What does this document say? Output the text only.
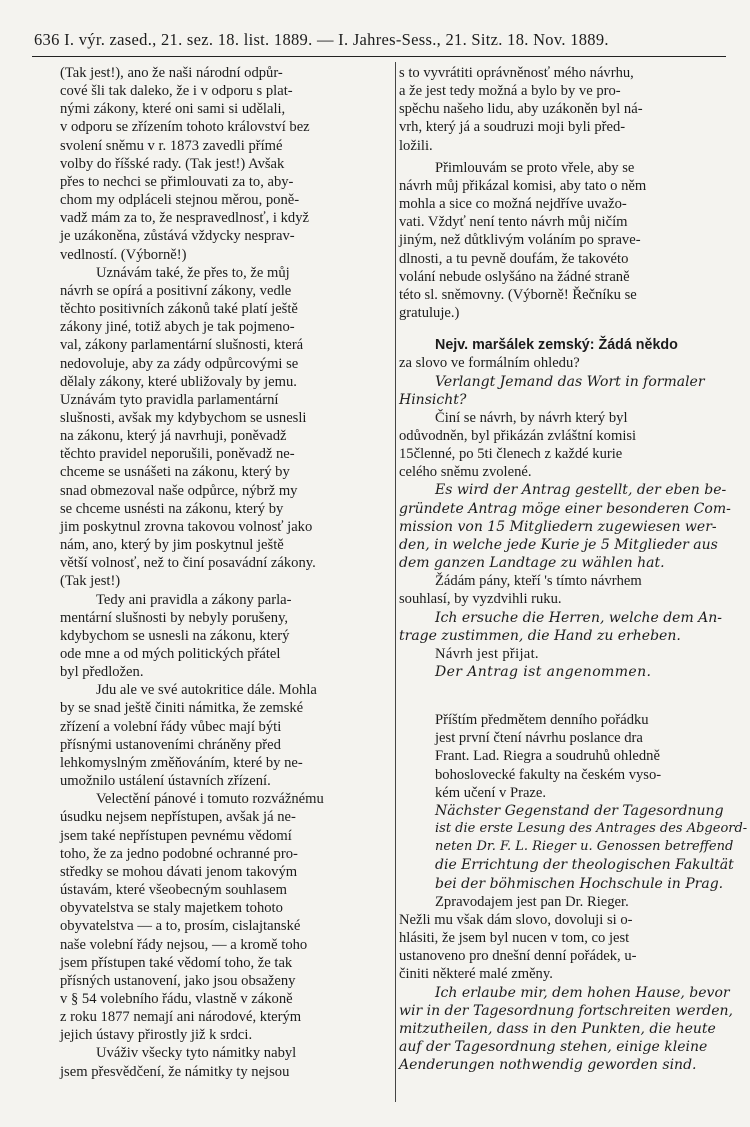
636 I. výr. zased., 21. sez. 18. list. 1889. — I. Jahres-Sess., 21. Sitz. 18. Nov. 1889.
(Tak jest!), ano že naši národní odpůr-
cové šli tak daleko, že i v odporu s plat-
nými zákony, které oni sami si udělali,
v odporu se zřízením tohoto království bez
svolení sněmu v r. 1873 zavedli přímé
volby do říšské rady. (Tak jest!) Avšak
přes to nechci se přimlouvati za to, aby-
chom my odpláceli stejnou měrou, poně-
vadž mám za to, že nespravedlnosť, i když
je uzákoněna, zůstává vždycky nesprav-
vedlností. (Výborně!)
Uznávám také, že přes to, že můj
návrh se opírá a positivní zákony, vedle
těchto positivních zákonů také platí ještě
zákony jiné, totiž abych je tak pojmeno-
val, zákony parlamentární slušnosti, která
nedovoluje, aby za zády odpůrcovými se
dělaly zákony, které ubližovaly by jemu.
Uznávám tyto pravidla parlamentární
slušnosti, avšak my kdybychom se usnesli
na zákonu, který já navrhuji, poněvadž
těchto pravidel neporušili, poněvadž ne-
chceme se usnášeti na zákonu, který by
snad obmezoval naše odpůrce, nýbrž my
se chceme usnésti na zákonu, který by
jim poskytnul zrovna takovou volnosť jako
nám, ano, který by jim poskytnul ještě
větší volnosť, než to činí posavádní zákony.
(Tak jest!)
Tedy ani pravidla a zákony parla-
mentární slušnosti by nebyly porušeny,
kdybychom se usnesli na zákonu, který
ode mne a od mých politických přátel
byl předložen.
Jdu ale ve své autokritice dále. Mohla
by se snad ještě činiti námitka, že zemské
zřízení a volební řády vůbec mají býti
přísnými ustanoveními chráněny před
lehkomyslným změňováním, které by ne-
umožnilo ustálení ústavních zřízení.
Velectění pánové i tomuto rozvážnému
úsudku nejsem nepřístupen, avšak já ne-
jsem také nepřístupen pevnému vědomí
toho, že za jedno podobné ochranné pro-
středky se mohou dávati jenom takovým
ústavám, které všeobecným souhlasem
obyvatelstva se staly majetkem tohoto
obyvatelstva — a to, prosím, cislajtanské
naše volební řády nejsou, — a kromě toho
jsem přístupen také vědomí toho, že tak
přísných ustanovení, jako jsou obsaženy
v § 54 volebního řádu, vlastně v zákoně
z roku 1877 nemají ani národové, kterým
jejich ústavy přirostly již k srdci.
Uváživ všecky tyto námitky nabyl
jsem přesvědčení, že námitky ty nejsou
s to vyvrátiti oprávněnosť mého návrhu,
a že jest tedy možná a bylo by ve pro-
spěchu našeho lidu, aby uzákoněn byl ná-
vrh, který já a soudruzi moji byli před-
ložili.
Přimlouvám se proto vřele, aby se
návrh můj přikázal komisi, aby tato o něm
mohla a sice co možná nejdříve uvažo-
vati. Vždyť není tento návrh můj ničím
jiným, než důtklivým voláním po spravе-
dlnosti, a tu pevně doufám, že takovéto
volání nebude oslyšáno na žádné straně
této sl. sněmovny. (Výborně! Řečníku se
gratuluje.)
Nejv. maršálek zemský: Žádá někdo
za slovo ve formálním ohledu?
Verlangt Jemand das Wort in formaler
Hinsicht?
Činí se návrh, by návrh který byl
odůvodněn, byl přikázán zvláštní komisi
15členné, po 5ti členech z každé kurie
celého sněmu zvolené.
Es wird der Antrag gestellt, der eben be-
gründete Antrag möge einer besonderen Com-
mission von 15 Mitgliedern zugewiesen wer-
den, in welche jede Kurie je 5 Mitglieder aus
dem ganzen Landtage zu wählen hat.
Žádám pány, kteří 's tímto návrhem
souhlasí, by vyzdvihli ruku.
Ich ersuche die Herren, welche dem An-
trage zustimmen, die Hand zu erheben.
Návrh jest přijat.
Der Antrag ist angenommen.
Příštím předmětem denního pořádku
jest první čtení návrhu poslance dra
Frant. Lad. Riegra a soudruhů ohledně
bohoslovecké fakulty na českém vyso-
kém učení v Praze.
Nächster Gegenstand der Tagesordnung
ist die erste Lesung des Antrages des Abgeord-
neten Dr. F. L. Rieger u. Genossen betreffend
die Errichtung der theologischen Fakultät
bei der böhmischen Hochschule in Prag.
Zpravodajem jest pan Dr. Rieger.
Nežli mu však dám slovo, dovoluji si o-
hlásiti, že jsem byl nucen v tom, co jest
ustanoveno pro dnešní denní pořádek, u-
činiti některé malé změny.
Ich erlaube mir, dem hohen Hause, bevor
wir in der Tagesordnung fortschreiten werden,
mitzutheilen, dass in den Punkten, die heute
auf der Tagesordnung stehen, einige kleine
Aenderungen nothwendig geworden sind.
